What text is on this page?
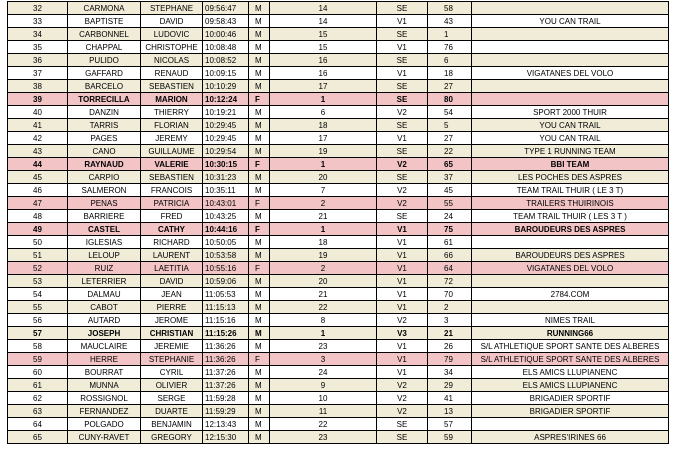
32	CARMONA	STEPHANE	09:56:47	M	14	SE	58	
33	BAPTISTE	DAVID	09:58:43	M	14	V1	43	YOU CAN TRAIL
34	CARBONNEL	LUDOVIC	10:00:46	M	15	SE	1	
35	CHAPPAL	CHRISTOPHE	10:08:48	M	15	V1	76	
36	PULIDO	NICOLAS	10:08:52	M	16	SE	6	
37	GAFFARD	RENAUD	10:09:15	M	16	V1	18	VIGATANES DEL VOLO
38	BARCELO	SEBASTIEN	10:10:29	M	17	SE	27	
39	TORRECILLA	MARION	10:12:24	F	1	SE	80	
40	DANZIN	THIERRY	10:19:21	M	6	V2	54	SPORT 2000 THUIR
41	TARRIS	FLORIAN	10:29:45	M	18	SE	5	YOU CAN TRAIL
42	PAGES	JEREMY	10:29:45	M	17	V1	27	YOU CAN TRAIL
43	CANO	GUILLAUME	10:29:54	M	19	SE	22	TYPE 1 RUNNING TEAM
44	RAYNAUD	VALERIE	10:30:15	F	1	V2	65	BBI TEAM
45	CARPIO	SEBASTIEN	10:31:23	M	20	SE	37	LES POCHES DES ASPRES
46	SALMERON	FRANCOIS	10:35:11	M	7	V2	45	TEAM TRAIL THUIR ( LE 3 T)
47	PENAS	PATRICIA	10:43:01	F	2	V2	55	TRAILERS THUIRINOIS
48	BARRIERE	FRED	10:43:25	M	21	SE	24	TEAM TRAIL THUIR ( LES 3 T )
49	CASTEL	CATHY	10:44:16	F	1	V1	75	BAROUDEURS DES ASPRES
50	IGLESIAS	RICHARD	10:50:05	M	18	V1	61	
51	LELOUP	LAURENT	10:53:58	M	19	V1	66	BAROUDEURS DES ASPRES
52	RUIZ	LAETITIA	10:55:16	F	2	V1	64	VIGATANES DEL VOLO
53	LETERRIER	DAVID	10:59:06	M	20	V1	72	
54	DALMAU	JEAN	11:05:53	M	21	V1	70	2784.COM
55	CABOT	PIERRE	11:15:13	M	22	V1	2	
56	AUTARD	JEROME	11:15:16	M	8	V2	3	NIMES TRAIL
57	JOSEPH	CHRISTIAN	11:15:26	M	1	V3	21	RUNNING66
58	MAUCLAIRE	JEREMIE	11:36:26	M	23	V1	26	S/L ATHLETIQUE SPORT SANTE DES ALBERES
59	HERRE	STEPHANIE	11:36:26	F	3	V1	79	S/L ATHLETIQUE SPORT SANTE DES ALBERES
60	BOURRAT	CYRIL	11:37:26	M	24	V1	34	ELS AMICS LLUPIANENC
61	MUNNA	OLIVIER	11:37:26	M	9	V2	29	ELS AMICS LLUPIANENC
62	ROSSIGNOL	SERGE	11:59:28	M	10	V2	41	BRIGADIER SPORTIF
63	FERNANDEZ	DUARTE	11:59:29	M	11	V2	13	BRIGADIER SPORTIF
64	POLGADO	BENJAMIN	12:13:43	M	22	SE	57	
65	CUNY-RAVET	GREGORY	12:15:30	M	23	SE	59	ASPRES'IRINES 66
